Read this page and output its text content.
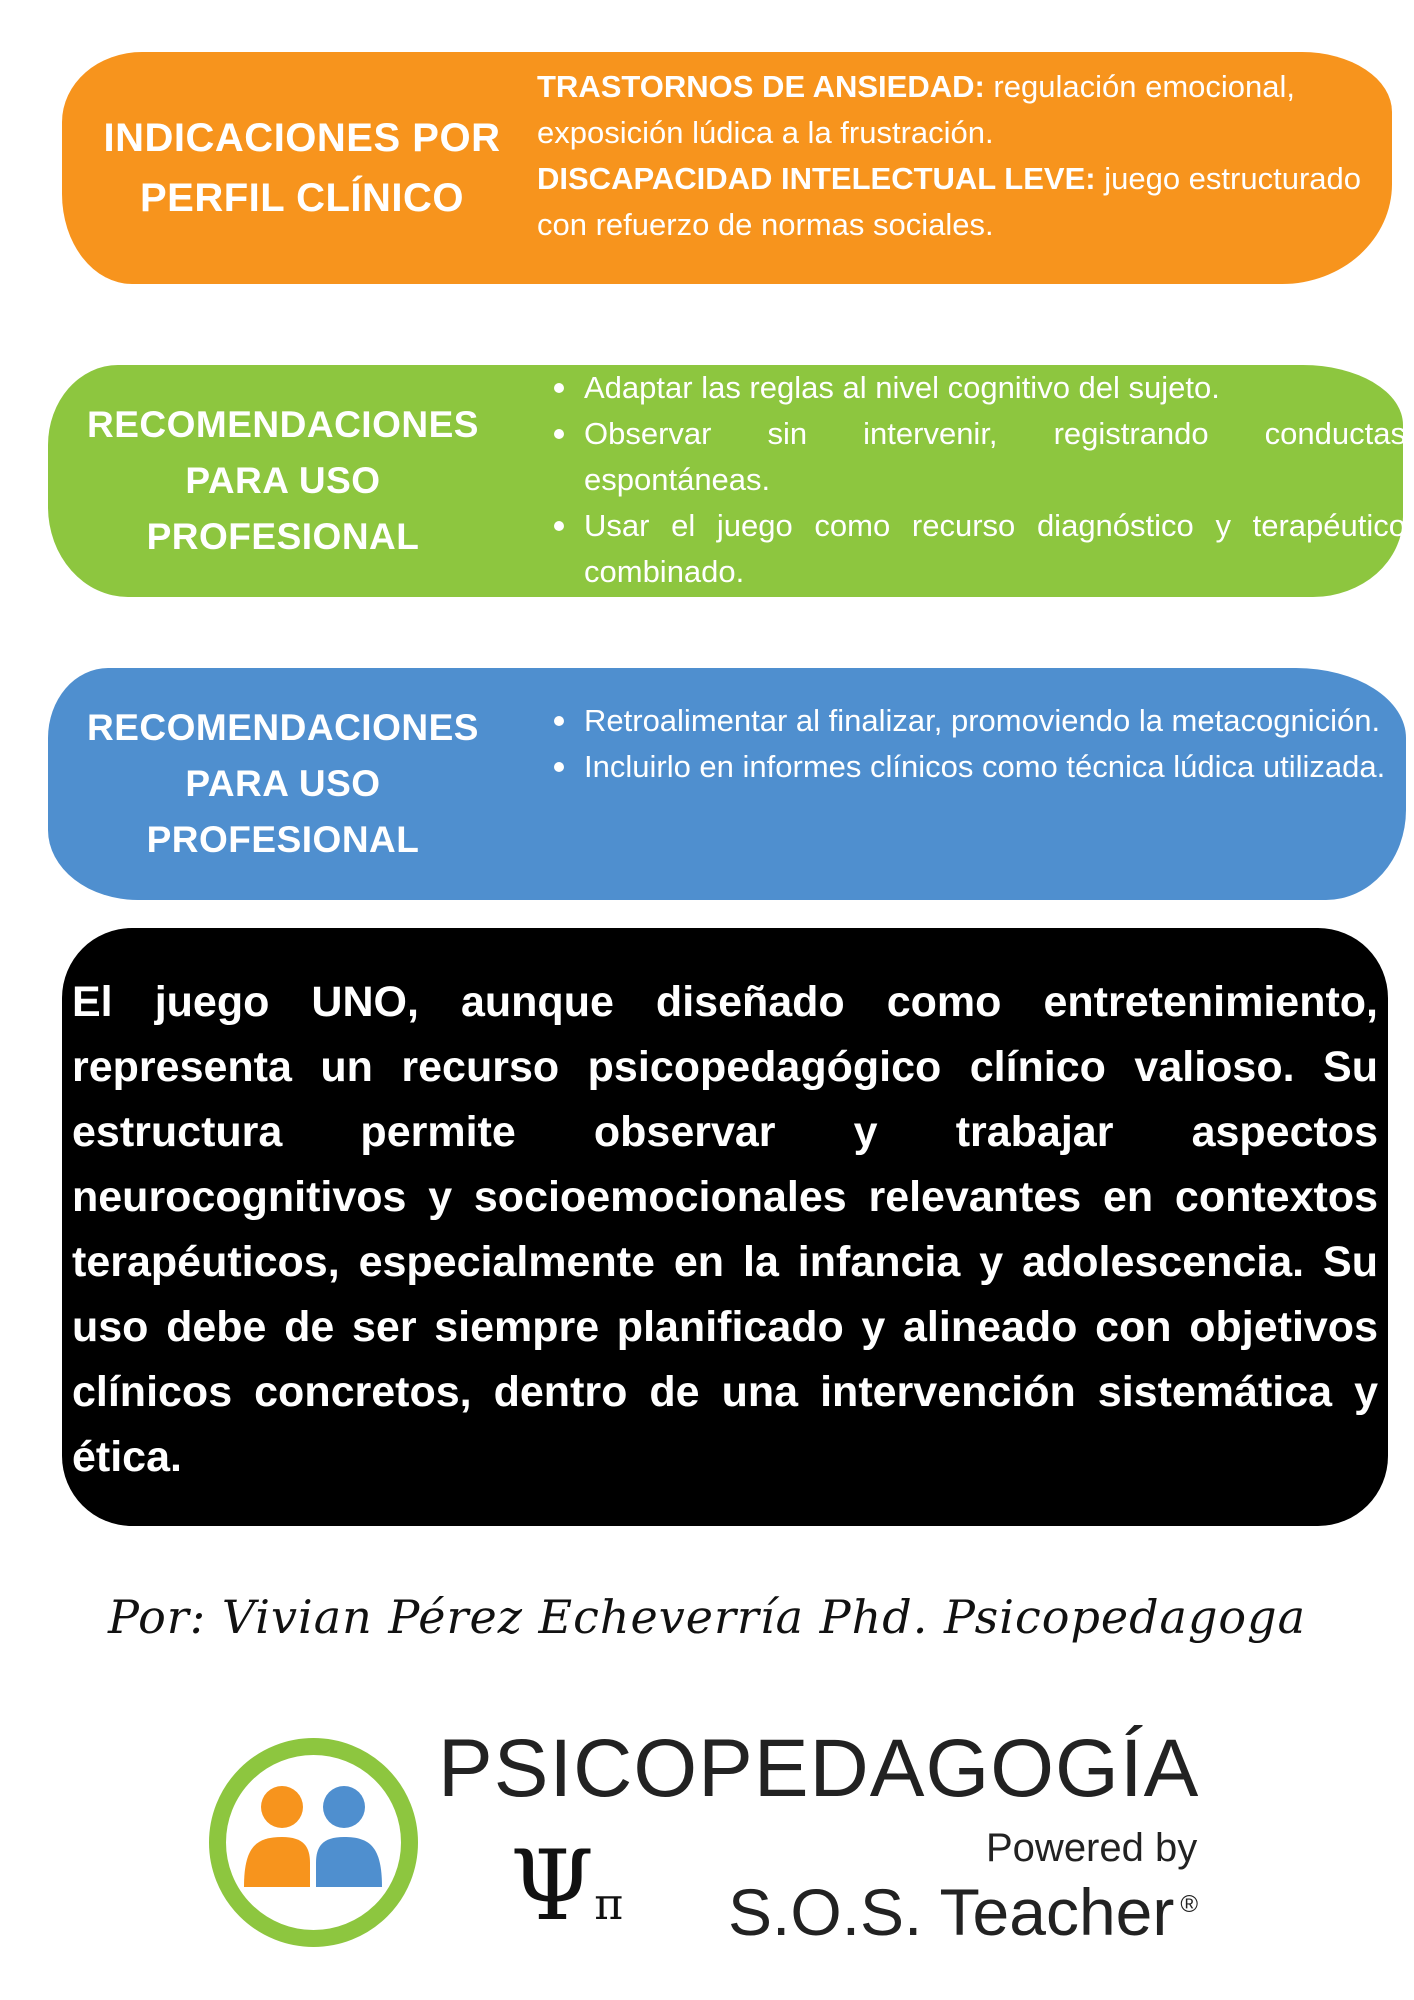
INDICACIONES POR
PERFIL CLÍNICO
TRASTORNOS DE ANSIEDAD: regulación emocional, exposición lúdica a la frustración.
DISCAPACIDAD INTELECTUAL LEVE: juego estructurado con refuerzo de normas sociales.
RECOMENDACIONES
PARA USO
PROFESIONAL
Adaptar las reglas al nivel cognitivo del sujeto.
Observar sin intervenir, registrando conductas espontáneas.
Usar el juego como recurso diagnóstico y terapéutico combinado.
RECOMENDACIONES
PARA USO
PROFESIONAL
Retroalimentar al finalizar, promoviendo la metacognición.
Incluirlo en informes clínicos como técnica lúdica utilizada.

El juego UNO, aunque diseñado como entretenimiento, representa un recurso psicopedagógico clínico valioso. Su estructura permite observar y trabajar aspectos neurocognitivos y socioemocionales relevantes en contextos terapéuticos, especialmente en la infancia y adolescencia. Su uso debe de ser siempre planificado y alineado con objetivos clínicos concretos, dentro de una intervención sistemática y ética.

Por: Vivian Pérez Echeverría Phd. Psicopedagoga
PSICOPEDAGOGÍA
Ψπ
Powered by
S.O.S. Teacher ®
